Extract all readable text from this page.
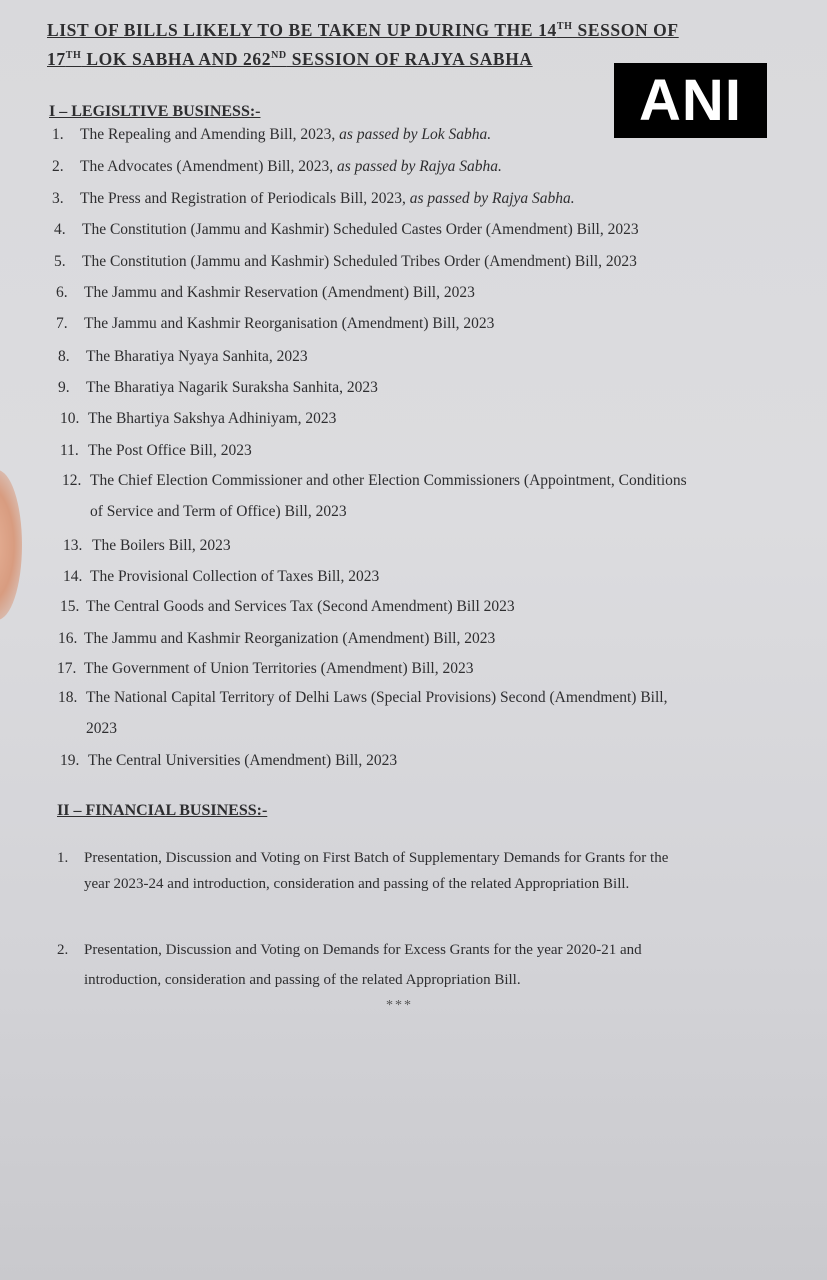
ANI
LIST OF BILLS LIKELY TO BE TAKEN UP DURING THE 14TH SESSON OF
17TH LOK SABHA AND 262ND SESSION OF RAJYA SABHA
I – LEGISLTIVE BUSINESS:-
1. The Repealing and Amending Bill, 2023, as passed by Lok Sabha.
2. The Advocates (Amendment) Bill, 2023, as passed by Rajya Sabha.
3. The Press and Registration of Periodicals Bill, 2023, as passed by Rajya Sabha.
4. The Constitution (Jammu and Kashmir) Scheduled Castes Order (Amendment) Bill, 2023
5. The Constitution (Jammu and Kashmir) Scheduled Tribes Order (Amendment) Bill, 2023
6. The Jammu and Kashmir Reservation (Amendment) Bill, 2023
7. The Jammu and Kashmir Reorganisation (Amendment) Bill, 2023
8. The Bharatiya Nyaya Sanhita, 2023
9. The Bharatiya Nagarik Suraksha Sanhita, 2023
10. The Bhartiya Sakshya Adhiniyam, 2023
11. The Post Office Bill, 2023
12. The Chief Election Commissioner and other Election Commissioners (Appointment, Conditions
of Service and Term of Office) Bill, 2023
13. The Boilers Bill, 2023
14. The Provisional Collection of Taxes Bill, 2023
15. The Central Goods and Services Tax (Second Amendment) Bill 2023
16. The Jammu and Kashmir Reorganization (Amendment) Bill, 2023
17. The Government of Union Territories (Amendment) Bill, 2023
18. The National Capital Territory of Delhi Laws (Special Provisions) Second (Amendment) Bill,
2023
19. The Central Universities (Amendment) Bill, 2023
II – FINANCIAL BUSINESS:-
1. Presentation, Discussion and Voting on First Batch of Supplementary Demands for Grants for the
year 2023-24 and introduction, consideration and passing of the related Appropriation Bill.
2. Presentation, Discussion and Voting on Demands for Excess Grants for the year 2020-21 and
introduction, consideration and passing of the related Appropriation Bill.
***
